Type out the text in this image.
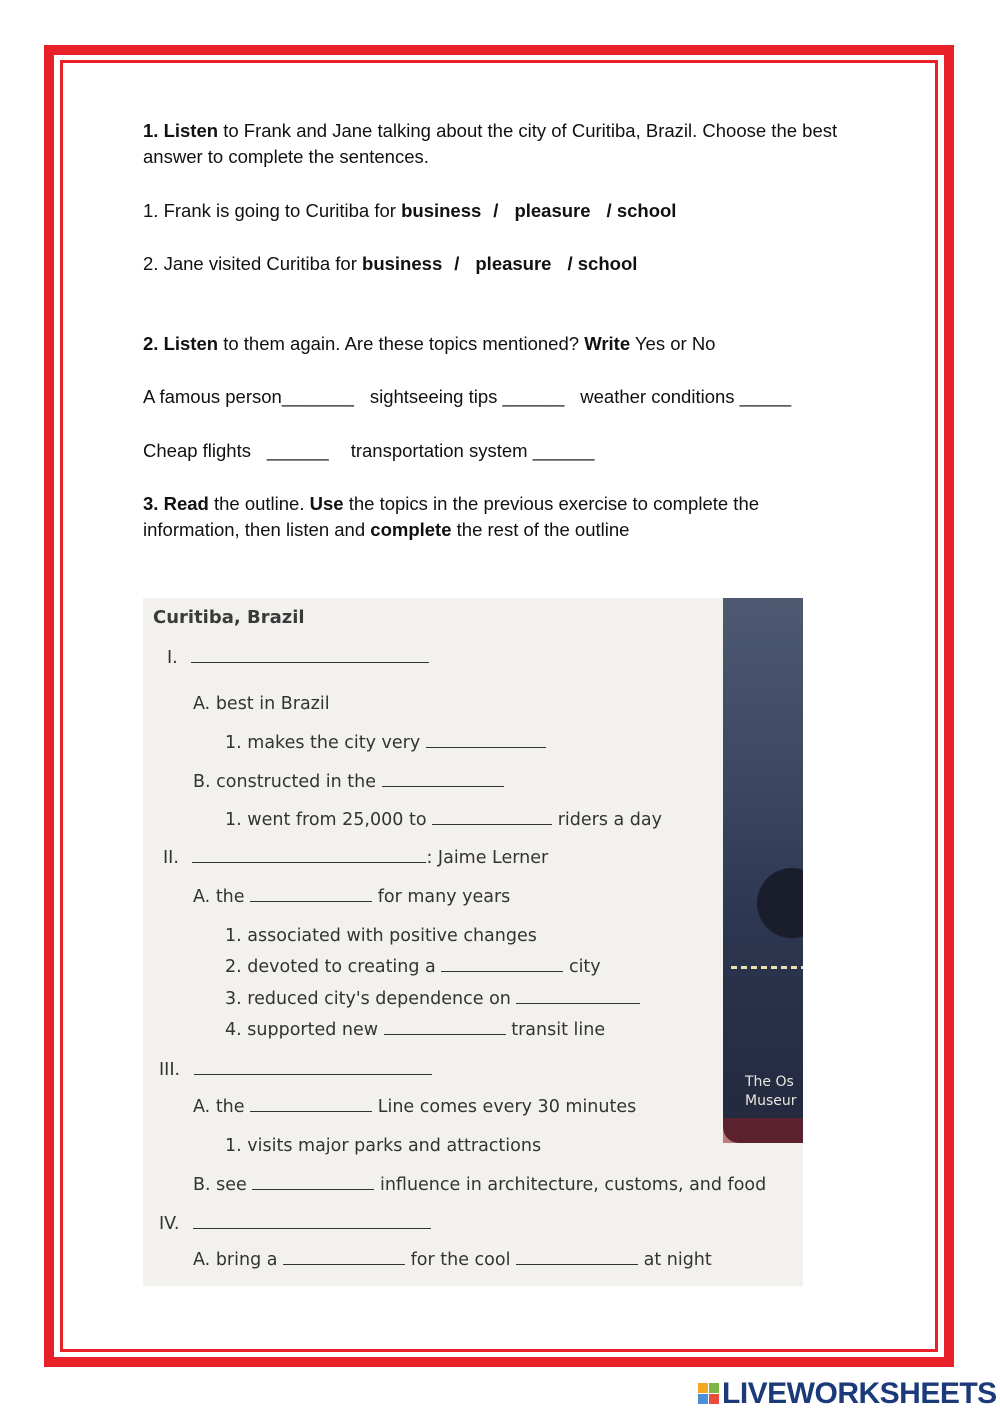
1. Listen to Frank and Jane talking about the city of Curitiba, Brazil. Choose the best answer to complete the sentences.
1. Frank is going to Curitiba for business / pleasure / school
2. Jane visited Curitiba for business / pleasure / school
2. Listen to them again. Are these topics mentioned? Write Yes or No
A famous person_______ sightseeing tips ______ weather conditions _____
Cheap flights ______ transportation system ______
3. Read the outline. Use the topics in the previous exercise to complete the information, then listen and complete the rest of the outline
The Os
Museur
Curitiba, Brazil
I.
A. best in Brazil
1. makes the city very
B. constructed in the
1. went from 25,000 to	riders a day
II.	: Jaime Lerner
A. the	for many years
1. associated with positive changes
2. devoted to creating a	city
3. reduced city's dependence on
4. supported new	transit line
III.
A. the	Line comes every 30 minutes
1. visits major parks and attractions
B. see	influence in architecture, customs, and food
IV.
A. bring a	for the cool	at night
LIVEWORKSHEETS
